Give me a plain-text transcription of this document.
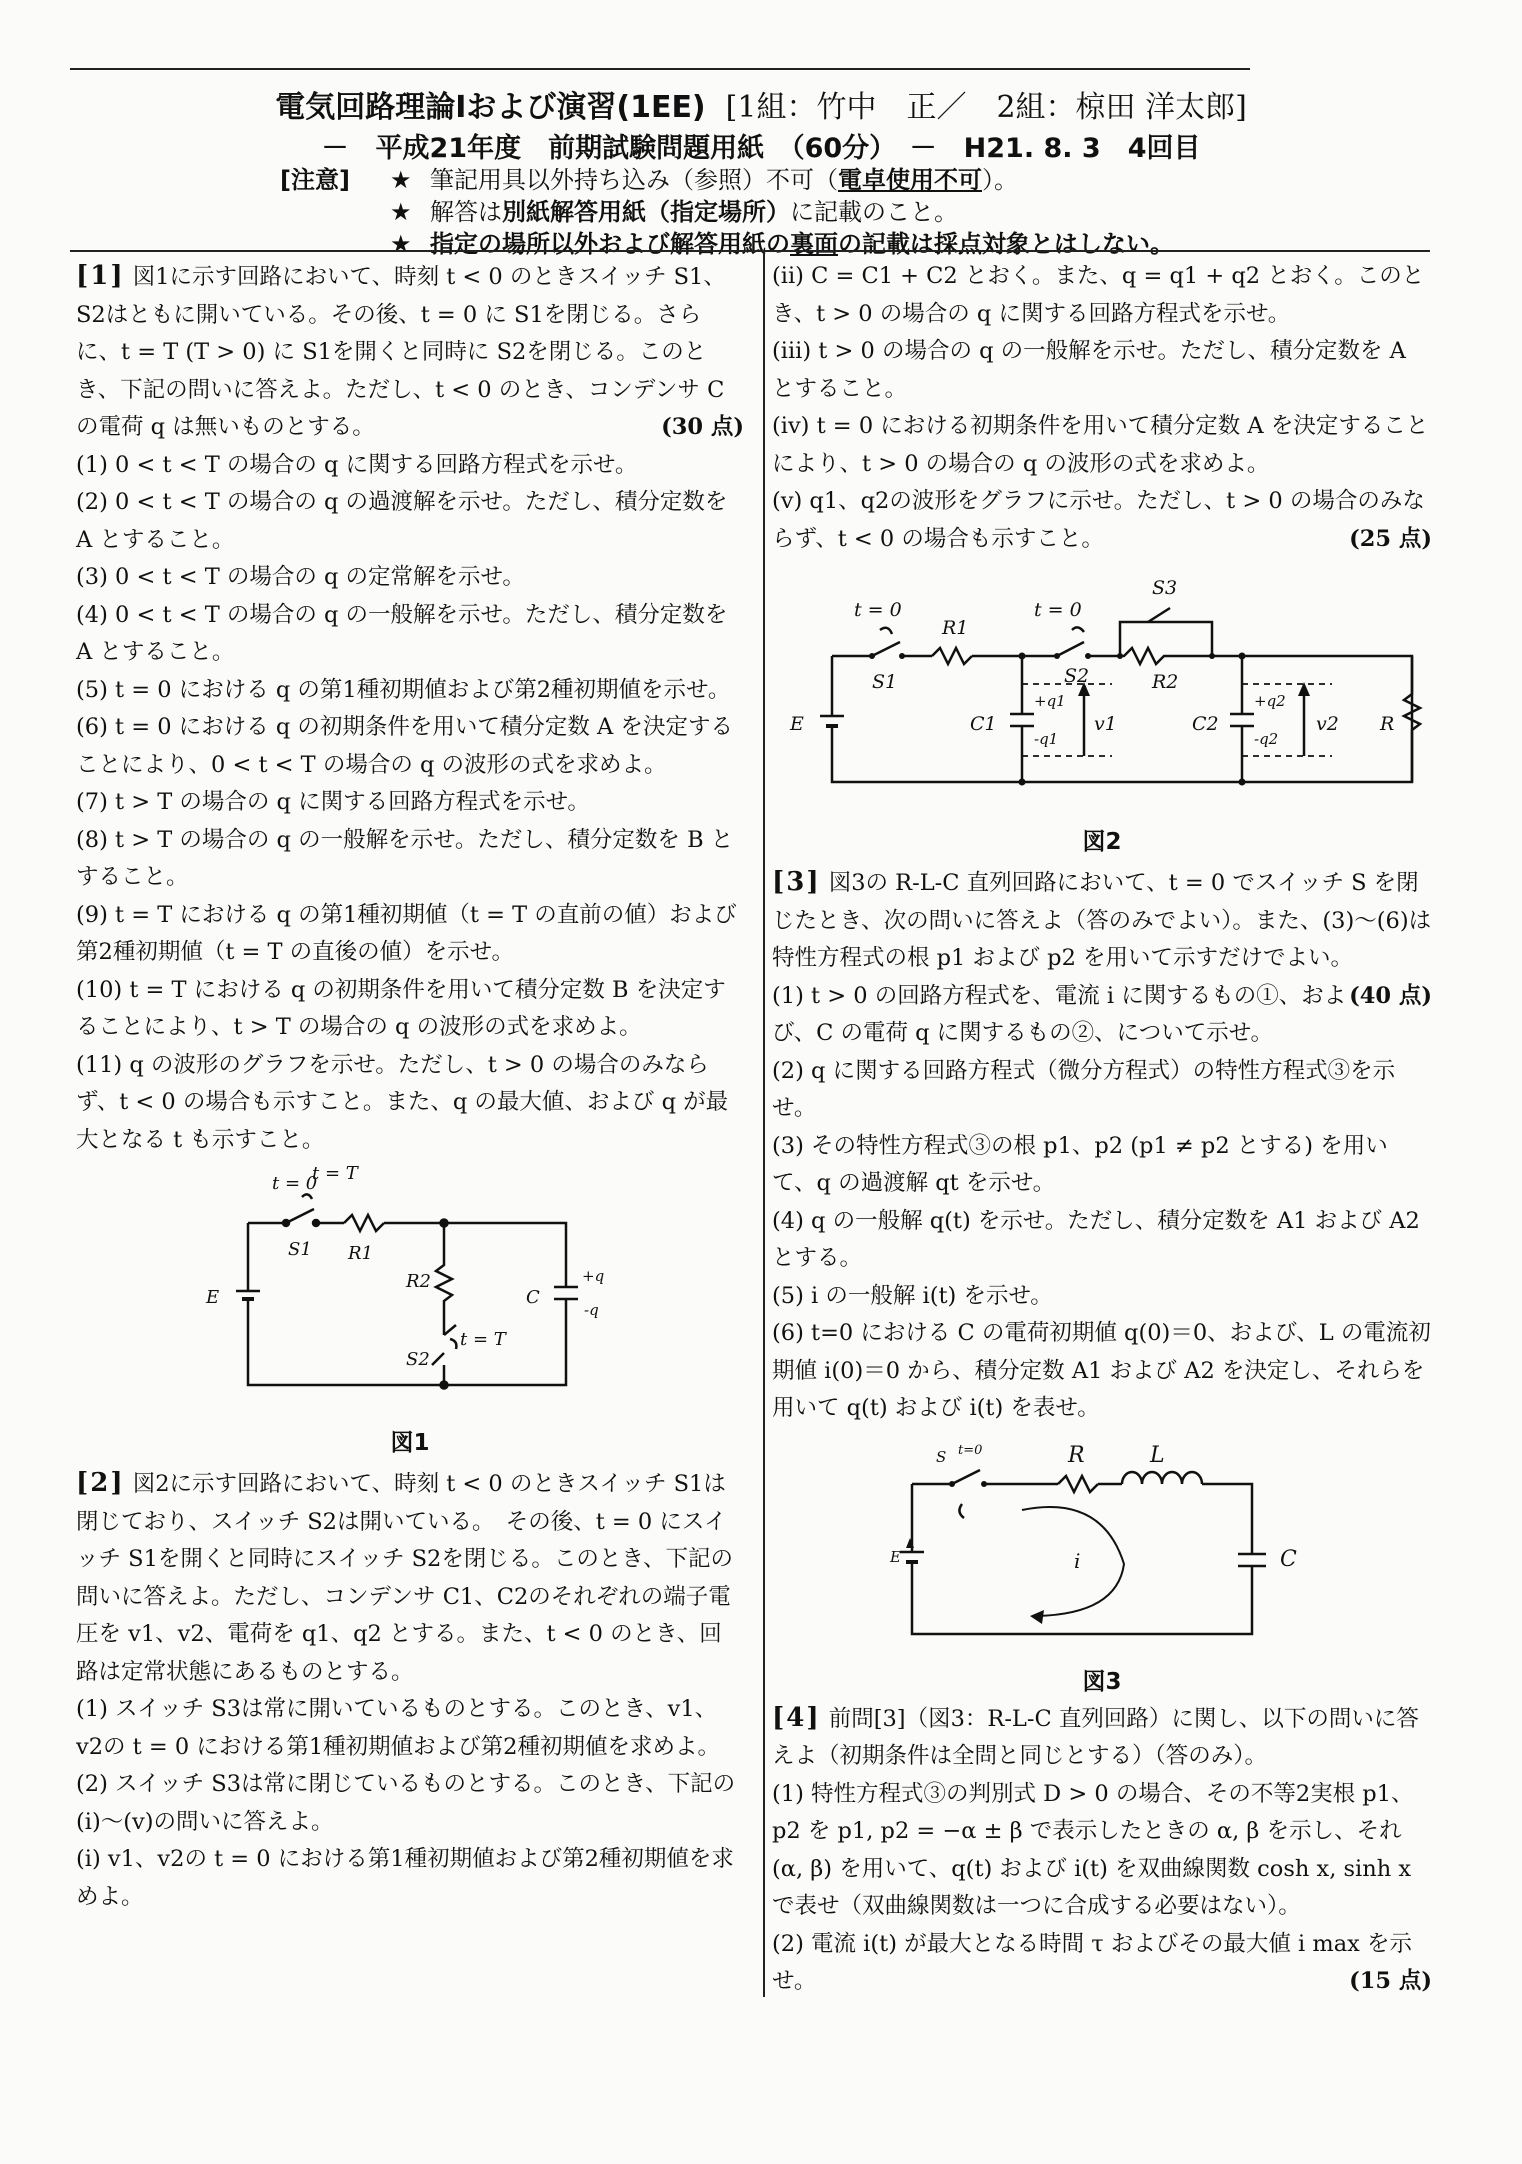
電気回路理論Ⅰおよび演習(1EE) [1組：竹中　正／　2組：椋田 洋太郎]
－　平成21年度　前期試験問題用紙　（60分）　－　H21. 8. 3　4回目
[注意] ★ 筆記用具以外持ち込み（参照）不可（電卓使用不可）。
★ 解答は別紙解答用紙（指定場所）に記載のこと。
★ 指定の場所以外および解答用紙の裏面の記載は採点対象とはしない。

[1] 図1に示す回路において、時刻 t < 0 のときスイッチ S1、S2はともに開いている。その後、t = 0 に S1を閉じる。さらに、t = T (T > 0) に S1を開くと同時に S2を閉じる。このとき、下記の問いに答えよ。ただし、t < 0 のとき、コンデンサ C の電荷 q は無いものとする。	(30 点)

(1) 0 < t < T の場合の q に関する回路方程式を示せ。

(2) 0 < t < T の場合の q の過渡解を示せ。ただし、積分定数を A とすること。

(3) 0 < t < T の場合の q の定常解を示せ。

(4) 0 < t < T の場合の q の一般解を示せ。ただし、積分定数を A とすること。

(5) t = 0 における q の第1種初期値および第2種初期値を示せ。

(6) t = 0 における q の初期条件を用いて積分定数 A を決定することにより、0 < t < T の場合の q の波形の式を求めよ。

(7) t > T の場合の q に関する回路方程式を示せ。

(8) t > T の場合の q の一般解を示せ。ただし、積分定数を B とすること。

(9) t = T における q の第1種初期値（t = T の直前の値）および第2種初期値（t = T の直後の値）を示せ。

(10) t = T における q の初期条件を用いて積分定数 B を決定することにより、t > T の場合の q の波形の式を求めよ。

(11) q の波形のグラフを示せ。ただし、t > 0 の場合のみならず、t < 0 の場合も示すこと。また、q の最大値、および q が最大となる t も示すこと。

t = 0
t = T
S1 R1
R2
t = T
S2
E	C
+q
-q
図1

[2] 図2に示す回路において、時刻 t < 0 のときスイッチ S1は閉じており、スイッチ S2は開いている。　その後、t = 0 にスイッチ S1を開くと同時にスイッチ S2を閉じる。このとき、下記の問いに答えよ。ただし、コンデンサ C1、C2のそれぞれの端子電圧を v1、v2、電荷を q1、q2 とする。また、t < 0 のとき、回路は定常状態にあるものとする。

(1) スイッチ S3は常に開いているものとする。このとき、v1、v2の t = 0 における第1種初期値および第2種初期値を求めよ。

(2) スイッチ S3は常に閉じているものとする。このとき、下記の(i)〜(v)の問いに答えよ。

(i) v1、v2の t = 0 における第1種初期値および第2種初期値を求めよ。

(ii) C = C1 + C2 とおく。また、q = q1 + q2 とおく。このとき、t > 0 の場合の q に関する回路方程式を示せ。

(iii) t > 0 の場合の q の一般解を示せ。ただし、積分定数を A とすること。

(iv) t = 0 における初期条件を用いて積分定数 A を決定することにより、t > 0 の場合の q の波形の式を求めよ。

(v) q1、q2の波形をグラフに示せ。ただし、t > 0 の場合のみならず、t < 0 の場合も示すこと。	(25 点)

t = 0	t = 0
S3
S1	S2
R1
R2
E	C1	C2
+q1
-q1
+q2
-q2
v1	v2 R
図2

[3] 図3の R-L-C 直列回路において、t = 0 でスイッチ S を閉じたとき、次の問いに答えよ（答のみでよい）。また、(3)〜(6)は特性方程式の根 p1 および p2 を用いて示すだけでよい。
(40 点)

(1) t > 0 の回路方程式を、電流 i に関するもの①、および、C の電荷 q に関するもの②、について示せ。

(2) q に関する回路方程式（微分方程式）の特性方程式③を示せ。

(3) その特性方程式③の根 p1、p2 (p1 ≠ p2 とする) を用いて、q の過渡解 qt を示せ。

(4) q の一般解 q(t) を示せ。ただし、積分定数を A1 および A2 とする。

(5) i の一般解 i(t) を示せ。

(6) t=0 における C の電荷初期値 q(0)＝0、および、L の電流初期値 i(0)＝0 から、積分定数 A1 および A2 を決定し、それらを用いて q(t) および i(t) を表せ。

S t=0	R	L
E	C
i
図3

[4] 前問[3]（図3：R-L-C 直列回路）に関し、以下の問いに答えよ（初期条件は全問と同じとする）（答のみ）。

(1) 特性方程式③の判別式 D > 0 の場合、その不等2実根 p1、p2 を p1, p2 = −α ± β で表示したときの α, β を示し、それ (α, β) を用いて、q(t) および i(t) を双曲線関数 cosh x, sinh x で表せ（双曲線関数は一つに合成する必要はない）。

(2) 電流 i(t) が最大となる時間 τ およびその最大値 i max を示せ。	(15 点)
